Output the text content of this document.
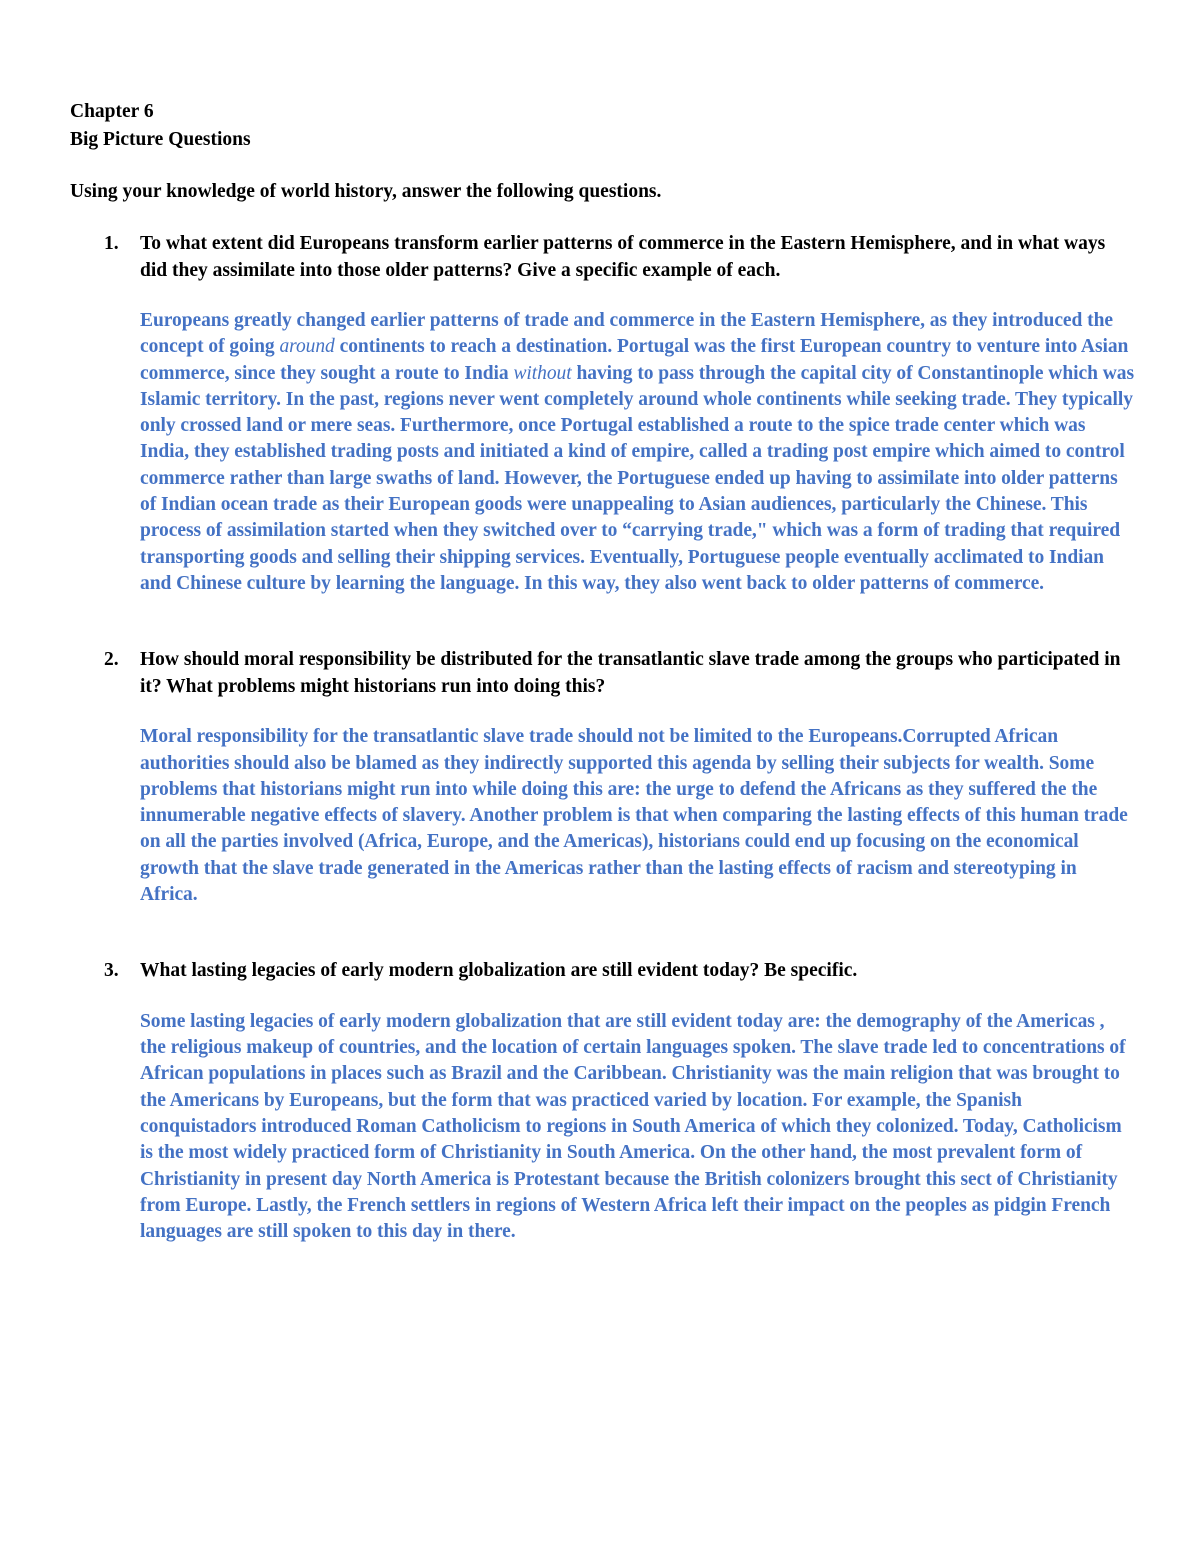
Chapter 6
Big Picture Questions
Using your knowledge of world history, answer the following questions.
1. To what extent did Europeans transform earlier patterns of commerce in the Eastern Hemisphere, and in what ways did they assimilate into those older patterns? Give a specific example of each.

Europeans greatly changed earlier patterns of trade and commerce in the Eastern Hemisphere, as they introduced the concept of going around continents to reach a destination. Portugal was the first European country to venture into Asian commerce, since they sought a route to India without having to pass through the capital city of Constantinople which was Islamic territory. In the past, regions never went completely around whole continents while seeking trade. They typically only crossed land or mere seas. Furthermore, once Portugal established a route to the spice trade center which was India, they established trading posts and initiated a kind of empire, called a trading post empire which aimed to control commerce rather than large swaths of land. However, the Portuguese ended up having to assimilate into older patterns of Indian ocean trade as their European goods were unappealing to Asian audiences, particularly the Chinese. This process of assimilation started when they switched over to “carrying trade," which was a form of trading that required transporting goods and selling their shipping services. Eventually, Portuguese people eventually acclimated to Indian and Chinese culture by learning the language. In this way, they also went back to older patterns of commerce.

2. How should moral responsibility be distributed for the transatlantic slave trade among the groups who participated in it? What problems might historians run into doing this?

Moral responsibility for the transatlantic slave trade should not be limited to the Europeans.Corrupted African authorities should also be blamed as they indirectly supported this agenda by selling their subjects for wealth. Some problems that historians might run into while doing this are: the urge to defend the Africans as they suffered the the innumerable negative effects of slavery. Another problem is that when comparing the lasting effects of this human trade on all the parties involved (Africa, Europe, and the Americas), historians could end up focusing on the economical growth that the slave trade generated in the Americas rather than the lasting effects of racism and stereotyping in Africa.

3. What lasting legacies of early modern globalization are still evident today? Be specific.

Some lasting legacies of early modern globalization that are still evident today are: the demography of the Americas , the religious makeup of countries, and the location of certain languages spoken. The slave trade led to concentrations of African populations in places such as Brazil and the Caribbean. Christianity was the main religion that was brought to the Americans by Europeans, but the form that was practiced varied by location. For example, the Spanish conquistadors introduced Roman Catholicism to regions in South America of which they colonized. Today, Catholicism is the most widely practiced form of Christianity in South America. On the other hand, the most prevalent form of Christianity in present day North America is Protestant because the British colonizers brought this sect of Christianity from Europe. Lastly, the French settlers in regions of Western Africa left their impact on the peoples as pidgin French languages are still spoken to this day in there.
